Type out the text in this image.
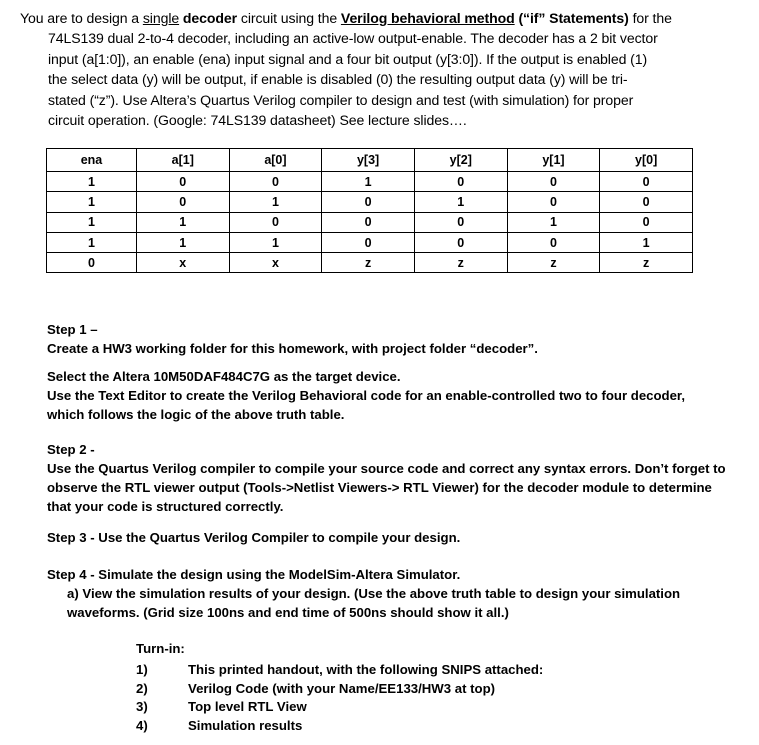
You are to design a single decoder circuit using the Verilog behavioral method (“if” Statements) for the
74LS139 dual 2-to-4 decoder, including an active-low output-enable. The decoder has a 2 bit vector
input (a[1:0]), an enable (ena) input signal and a four bit output (y[3:0]). If the output is enabled (1)
the select data (y) will be output, if enable is disabled (0) the resulting output data (y) will be tri-
stated (“z”). Use Altera’s Quartus Verilog compiler to design and test (with simulation) for proper
circuit operation. (Google: 74LS139 datasheet) See lecture slides….
ena	a[1]	a[0]	y[3]	y[2]	y[1]	y[0]
1	0	0	1	0	0	0
1	0	1	0	1	0	0
1	1	0	0	0	1	0
1	1	1	0	0	0	1
0	x	x	z	z	z	z
Step 1 –
Create a HW3 working folder for this homework, with project folder “decoder”.
Select the Altera 10M50DAF484C7G as the target device.
Use the Text Editor to create the Verilog Behavioral code for an enable-controlled two to four decoder,
which follows the logic of the above truth table.
Step 2 -
Use the Quartus Verilog compiler to compile your source code and correct any syntax errors. Don’t forget to
observe the RTL viewer output (Tools->Netlist Viewers-> RTL Viewer) for the decoder module to determine
that your code is structured correctly.
Step 3 - Use the Quartus Verilog Compiler to compile your design.
Step 4 - Simulate the design using the ModelSim-Altera Simulator.
a) View the simulation results of your design. (Use the above truth table to design your simulation
waveforms. (Grid size 100ns and end time of 500ns should show it all.)
Turn-in:
1)	This printed handout, with the following SNIPS attached:
2)	Verilog Code (with your Name/EE133/HW3 at top)
3)	Top level RTL View
4)	Simulation results
